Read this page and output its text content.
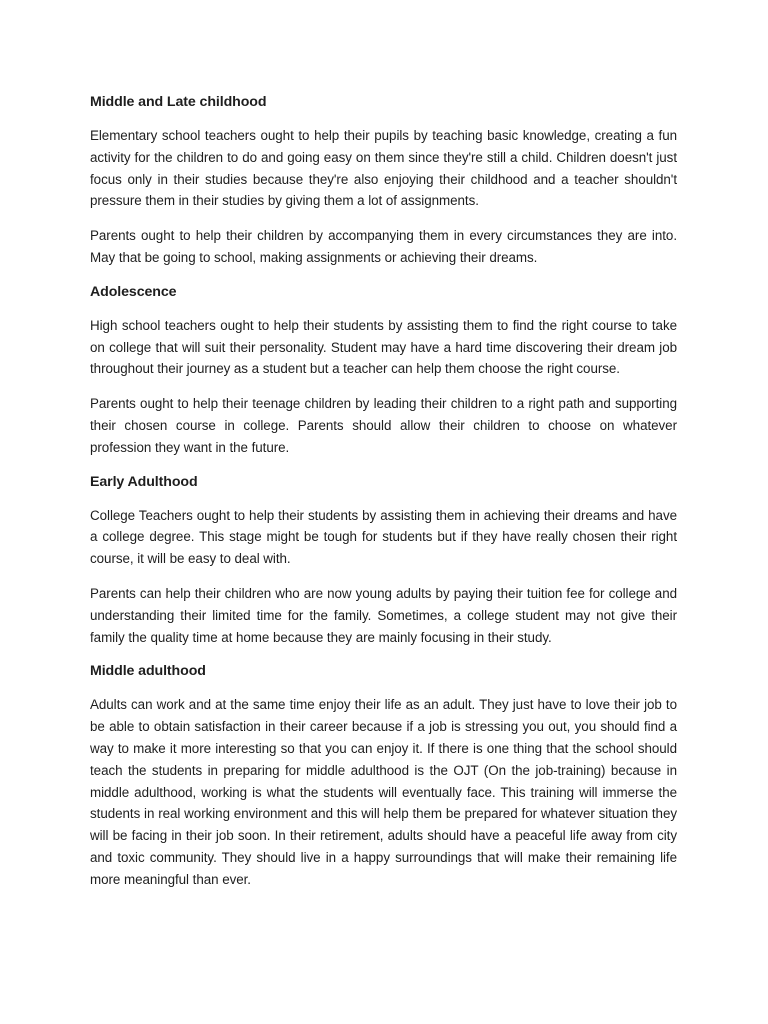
Middle and Late childhood

Elementary school teachers ought to help their pupils by teaching basic knowledge, creating a fun activity for the children to do and going easy on them since they're still a child. Children doesn't just focus only in their studies because they're also enjoying their childhood and a teacher shouldn't pressure them in their studies by giving them a lot of assignments.

Parents ought to help their children by accompanying them in every circumstances they are into. May that be going to school, making assignments or achieving their dreams.

Adolescence

High school teachers ought to help their students by assisting them to find the right course to take on college that will suit their personality. Student may have a hard time discovering their dream job throughout their journey as a student but a teacher can help them choose the right course.

Parents ought to help their teenage children by leading their children to a right path and supporting their chosen course in college. Parents should allow their children to choose on whatever profession they want in the future.

Early Adulthood

College Teachers ought to help their students by assisting them in achieving their dreams and have a college degree. This stage might be tough for students but if they have really chosen their right course, it will be easy to deal with.

Parents can help their children who are now young adults by paying their tuition fee for college and understanding their limited time for the family. Sometimes, a college student may not give their family the quality time at home because they are mainly focusing in their study.

Middle adulthood

Adults can work and at the same time enjoy their life as an adult. They just have to love their job to be able to obtain satisfaction in their career because if a job is stressing you out, you should find a way to make it more interesting so that you can enjoy it. If there is one thing that the school should teach the students in preparing for middle adulthood is the OJT (On the job-training) because in middle adulthood, working is what the students will eventually face. This training will immerse the students in real working environment and this will help them be prepared for whatever situation they will be facing in their job soon. In their retirement, adults should have a peaceful life away from city and toxic community. They should live in a happy surroundings that will make their remaining life more meaningful than ever.
